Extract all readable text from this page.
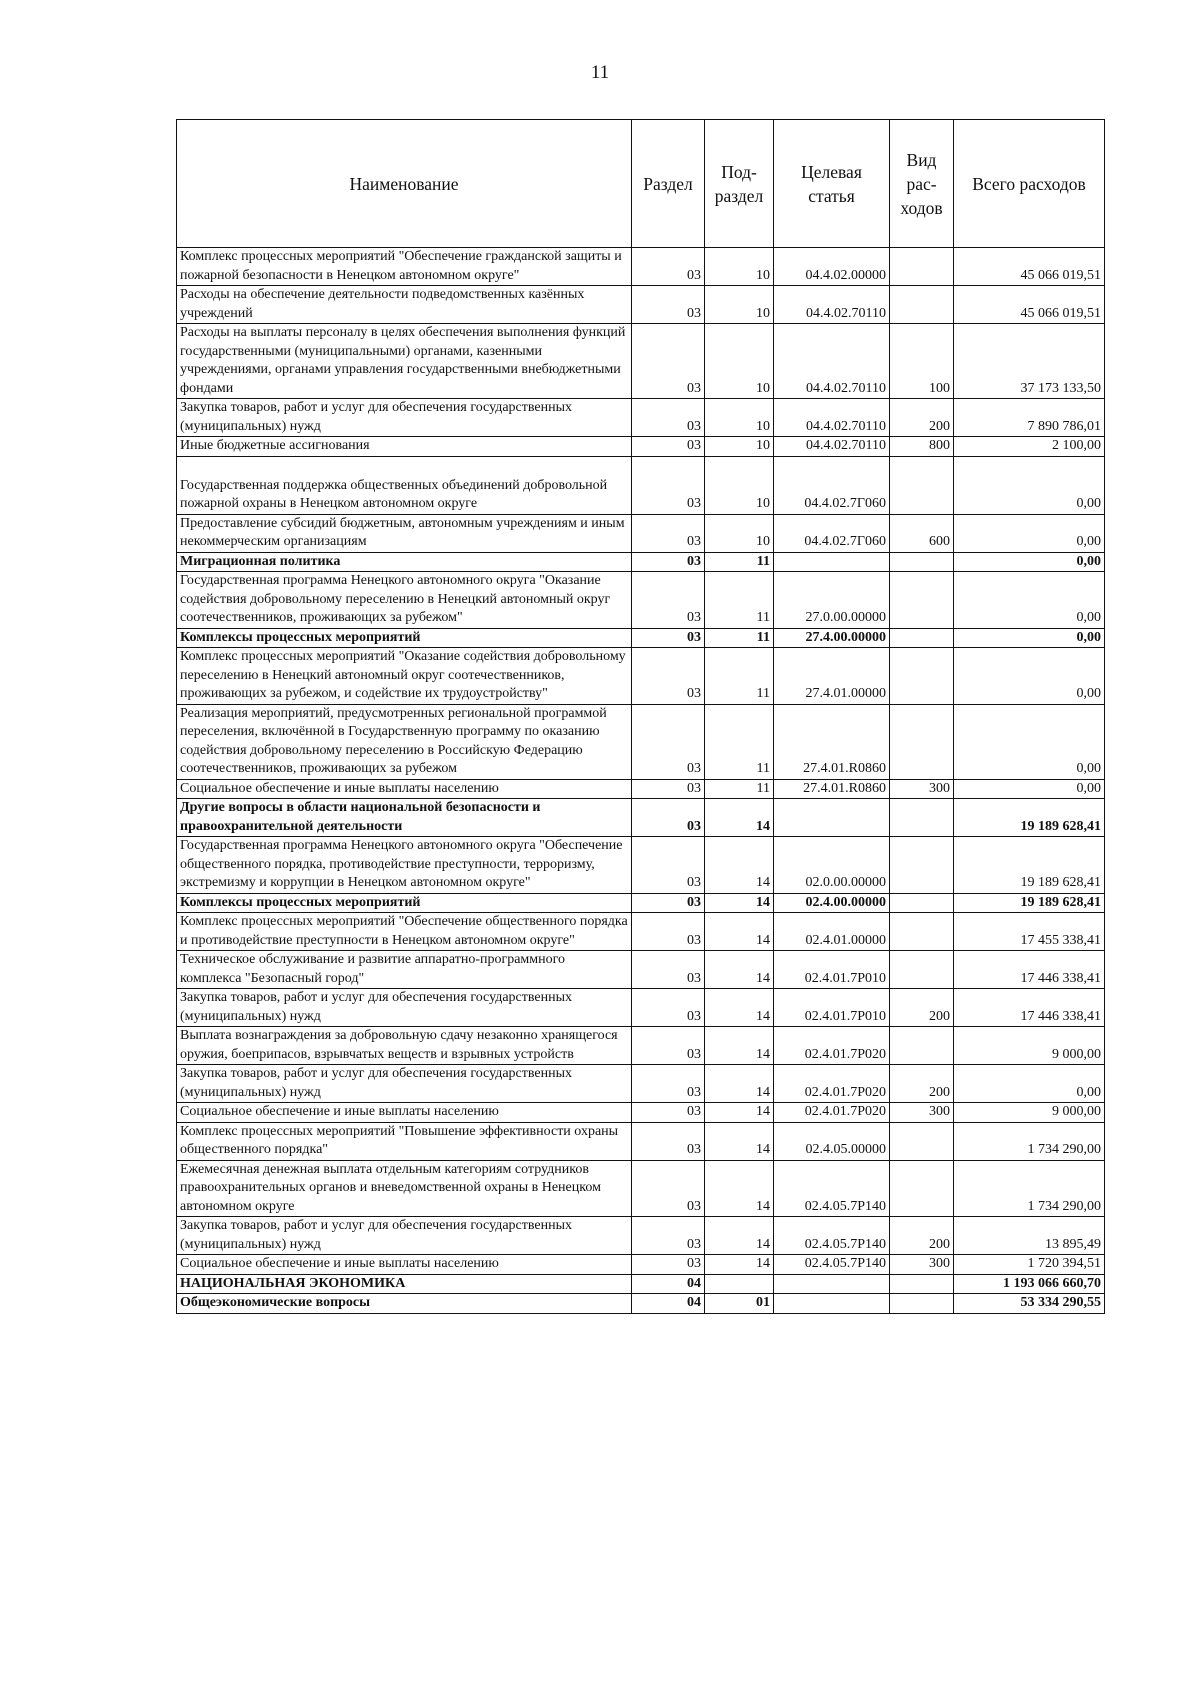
11
Наименование	Раздел	Под-раздел	Целевая статья	Вид рас-ходов	Всего расходов
Комплекс процессных мероприятий "Обеспечение гражданской защиты и пожарной безопасности в Ненецком автономном округе"	03	10	04.4.02.00000		45 066 019,51
Расходы на обеспечение деятельности подведомственных казённых учреждений	03	10	04.4.02.70110		45 066 019,51
Расходы на выплаты персоналу в целях обеспечения выполнения функций государственными (муниципальными) органами, казенными учреждениями, органами управления государственными внебюджетными фондами	03	10	04.4.02.70110	100	37 173 133,50
Закупка товаров, работ и услуг для обеспечения государственных (муниципальных) нужд	03	10	04.4.02.70110	200	7 890 786,01
Иные бюджетные ассигнования	03	10	04.4.02.70110	800	2 100,00
Государственная поддержка общественных объединений добровольной пожарной охраны в Ненецком автономном округе	03	10	04.4.02.7Г060		0,00
Предоставление субсидий бюджетным, автономным учреждениям и иным некоммерческим организациям	03	10	04.4.02.7Г060	600	0,00
Миграционная политика	03	11			0,00
Государственная программа Ненецкого автономного округа "Оказание содействия добровольному переселению в Ненецкий автономный округ соотечественников, проживающих за рубежом"	03	11	27.0.00.00000		0,00
Комплексы процессных мероприятий	03	11	27.4.00.00000		0,00
Комплекс процессных мероприятий "Оказание содействия добровольному переселению в Ненецкий автономный округ соотечественников, проживающих за рубежом, и содействие их трудоустройству"	03	11	27.4.01.00000		0,00
Реализация мероприятий, предусмотренных региональной программой переселения, включённой в Государственную программу по оказанию содействия добровольному переселению в Российскую Федерацию соотечественников, проживающих за рубежом	03	11	27.4.01.R0860		0,00
Социальное обеспечение и иные выплаты населению	03	11	27.4.01.R0860	300	0,00
Другие вопросы в области национальной безопасности и правоохранительной деятельности	03	14			19 189 628,41
Государственная программа Ненецкого автономного округа "Обеспечение общественного порядка, противодействие преступности, терроризму, экстремизму и коррупции в Ненецком автономном округе"	03	14	02.0.00.00000		19 189 628,41
Комплексы процессных мероприятий	03	14	02.4.00.00000		19 189 628,41
Комплекс процессных мероприятий "Обеспечение общественного порядка и противодействие преступности в Ненецком автономном округе"	03	14	02.4.01.00000		17 455 338,41
Техническое обслуживание и развитие аппаратно-программного комплекса "Безопасный город"	03	14	02.4.01.7Р010		17 446 338,41
Закупка товаров, работ и услуг для обеспечения государственных (муниципальных) нужд	03	14	02.4.01.7Р010	200	17 446 338,41
Выплата вознаграждения за добровольную сдачу незаконно хранящегося оружия, боеприпасов, взрывчатых веществ и взрывных устройств	03	14	02.4.01.7Р020		9 000,00
Закупка товаров, работ и услуг для обеспечения государственных (муниципальных) нужд	03	14	02.4.01.7Р020	200	0,00
Социальное обеспечение и иные выплаты населению	03	14	02.4.01.7Р020	300	9 000,00
Комплекс процессных мероприятий "Повышение эффективности охраны общественного порядка"	03	14	02.4.05.00000		1 734 290,00
Ежемесячная денежная выплата отдельным категориям сотрудников правоохранительных органов и вневедомственной охраны в Ненецком автономном округе	03	14	02.4.05.7Р140		1 734 290,00
Закупка товаров, работ и услуг для обеспечения государственных (муниципальных) нужд	03	14	02.4.05.7Р140	200	13 895,49
Социальное обеспечение и иные выплаты населению	03	14	02.4.05.7Р140	300	1 720 394,51
НАЦИОНАЛЬНАЯ ЭКОНОМИКА	04				1 193 066 660,70
Общеэкономические вопросы	04	01			53 334 290,55
